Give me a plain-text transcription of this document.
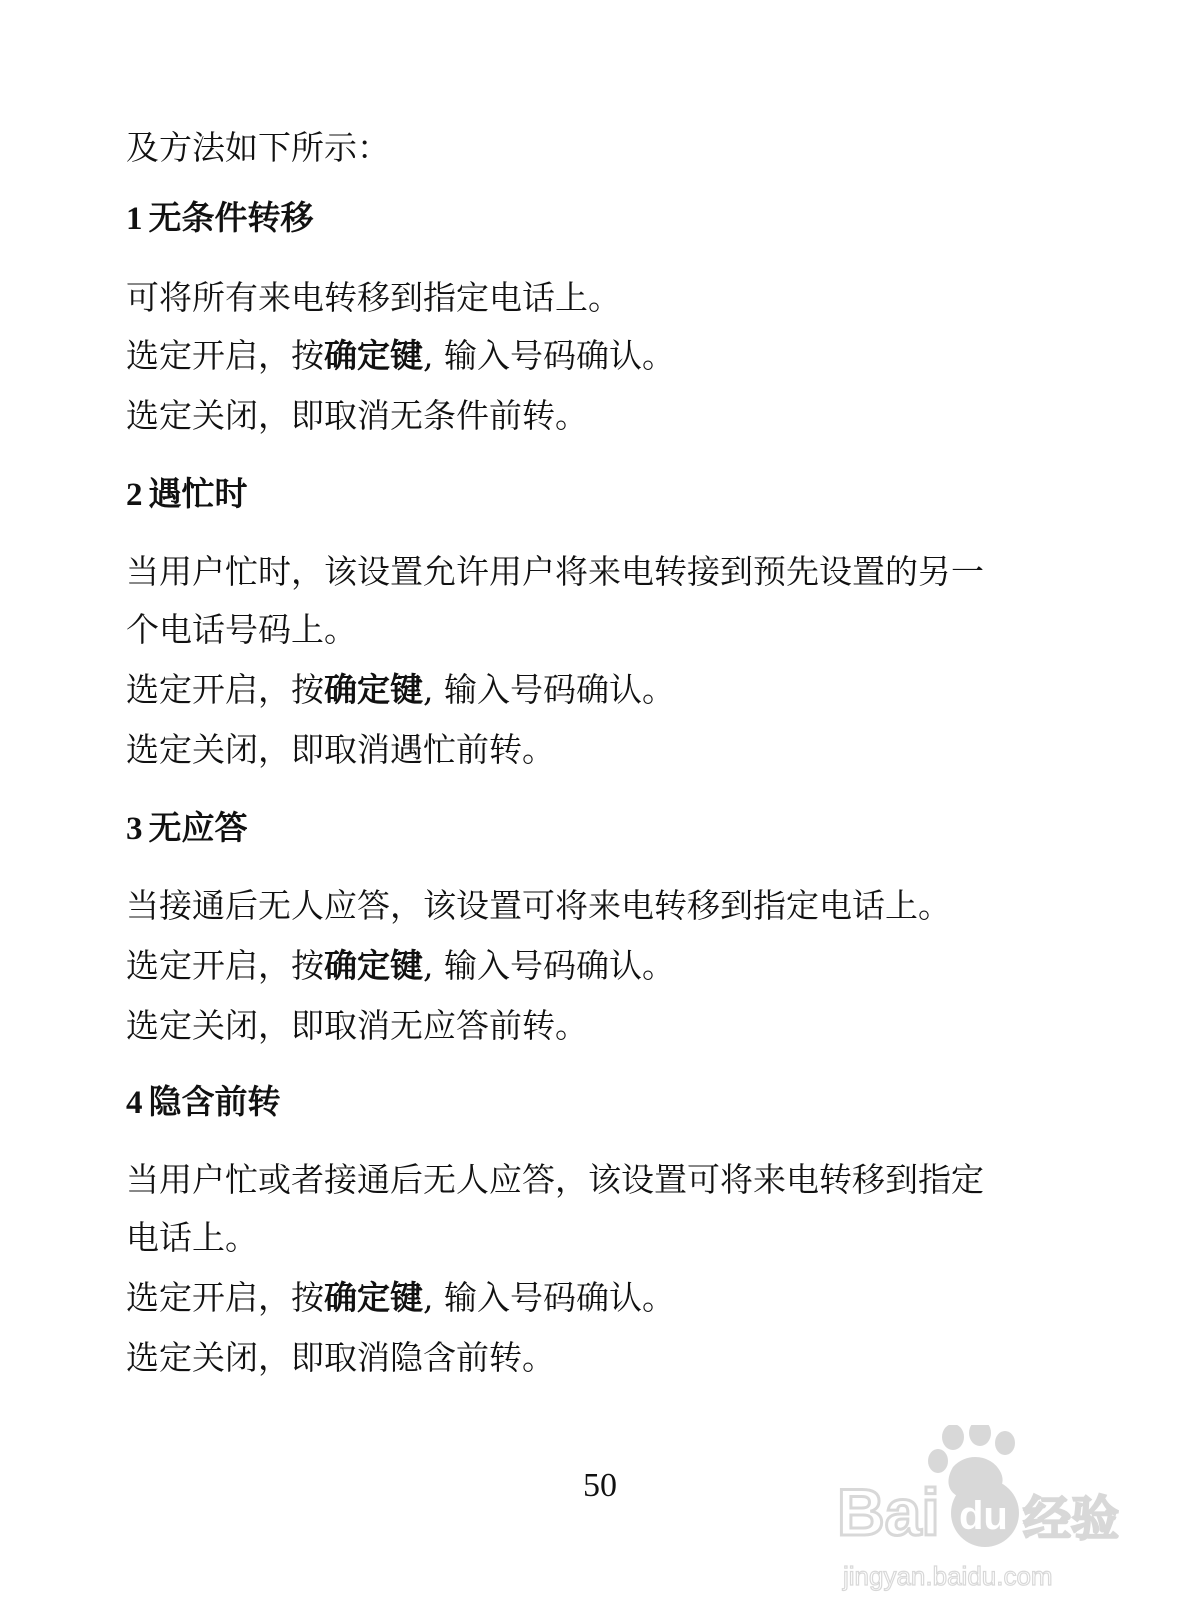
及方法如下所示：
1 无条件转移
可将所有来电转移到指定电话上。
选定开启，按确定键, 输入号码确认。
选定关闭，即取消无条件前转。
2 遇忙时
当用户忙时，该设置允许用户将来电转接到预先设置的另一
个电话号码上。
选定开启，按确定键, 输入号码确认。
选定关闭，即取消遇忙前转。
3 无应答
当接通后无人应答，该设置可将来电转移到指定电话上。
选定开启，按确定键, 输入号码确认。
选定关闭，即取消无应答前转。
4 隐含前转
当用户忙或者接通后无人应答，该设置可将来电转移到指定
电话上。
选定开启，按确定键, 输入号码确认。
选定关闭，即取消隐含前转。
50	Bai du 经验
jingyan.baidu.com
